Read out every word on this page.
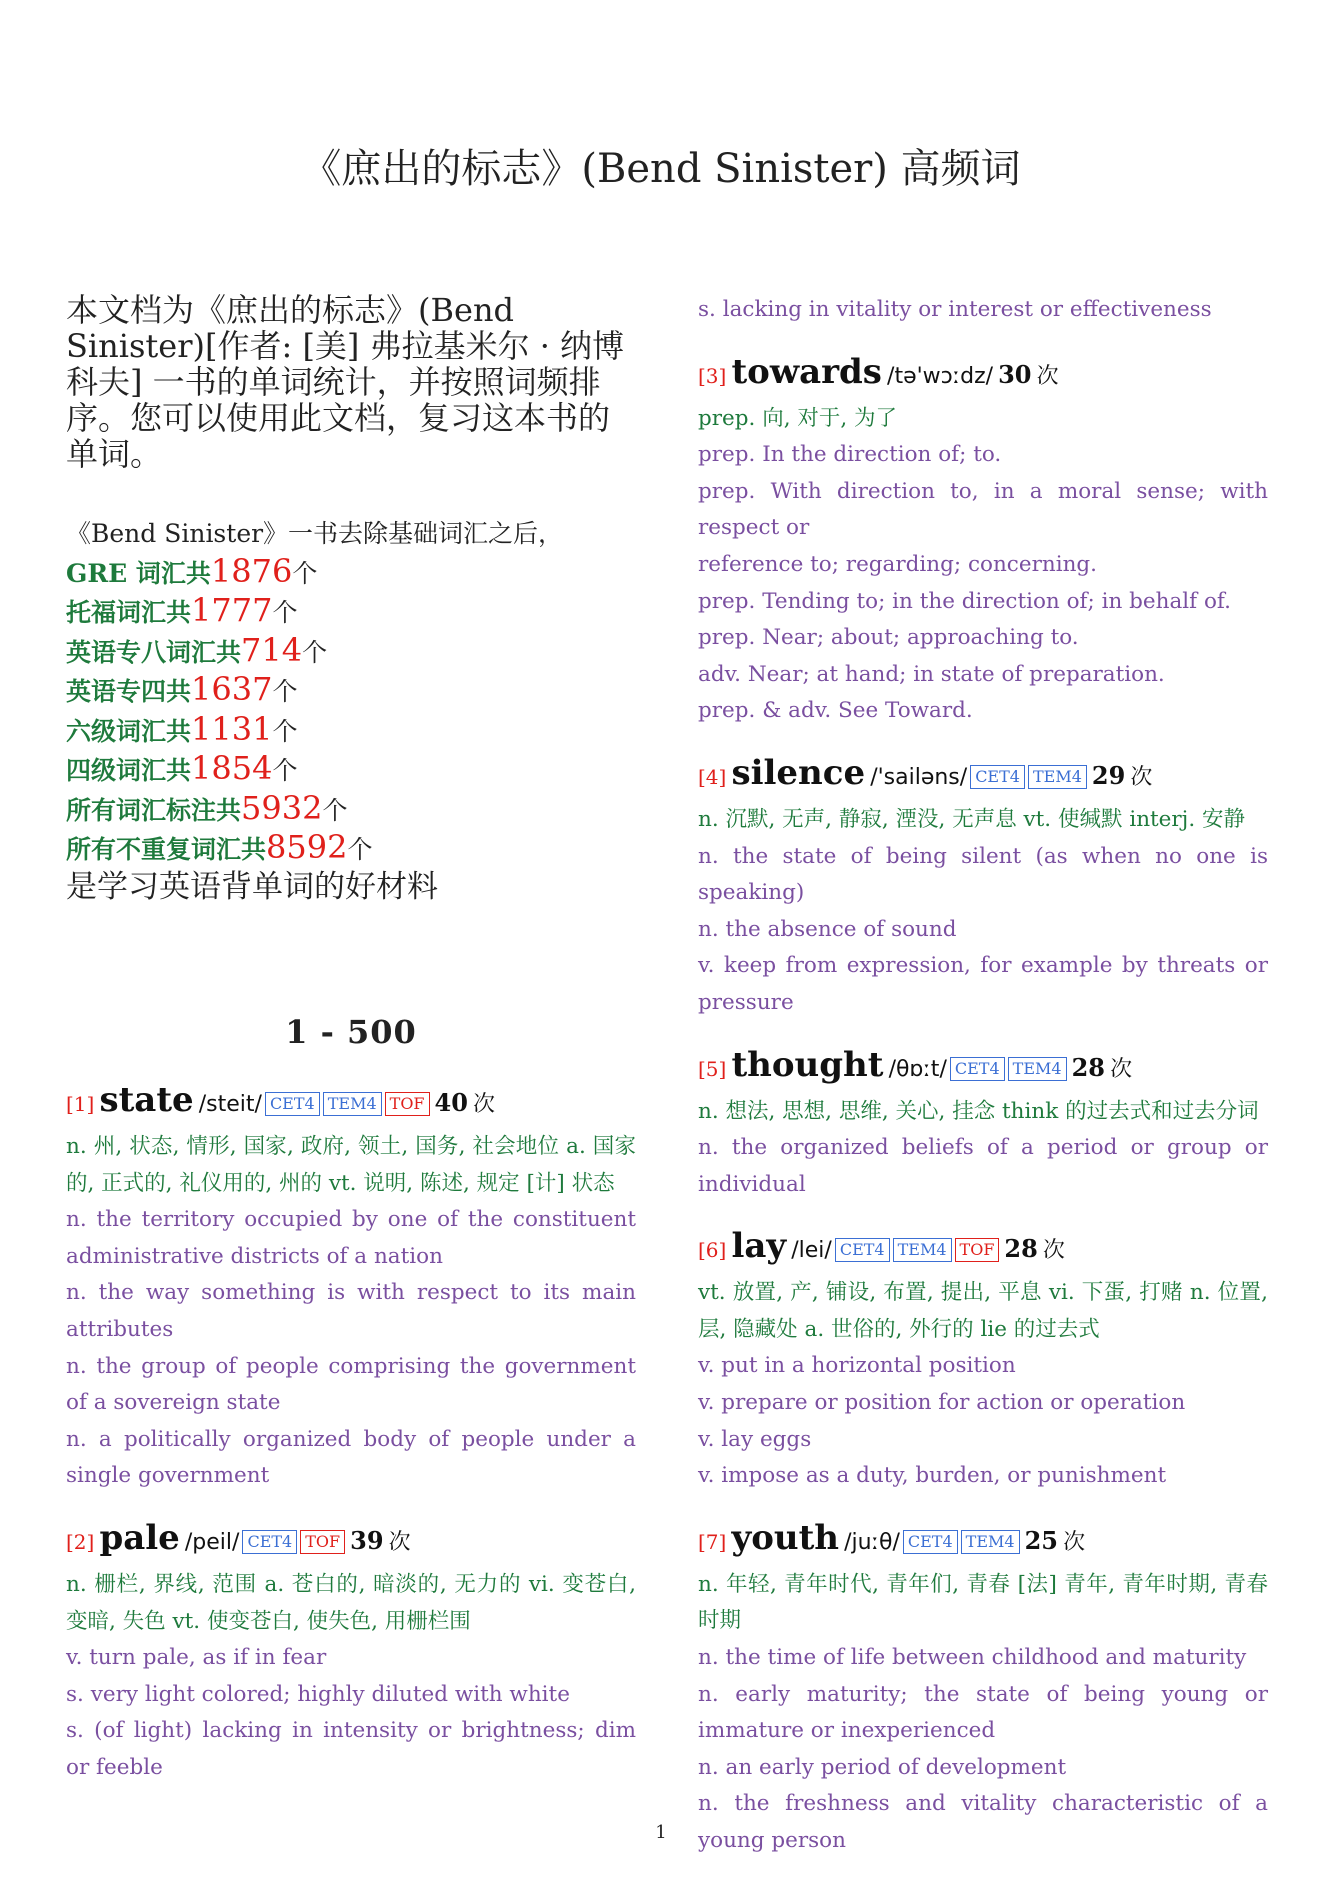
《庶出的标志》(Bend Sinister) 高频词
本文档为《庶出的标志》(Bend Sinister)[作者: [美] 弗拉基米尔 · 纳博科夫] 一书的单词统计，并按照词频排序。您可以使用此文档，复习这本书的单词。
《Bend Sinister》一书去除基础词汇之后，
GRE 词汇共1876个
托福词汇共1777个
英语专八词汇共714个
英语专四共1637个
六级词汇共1131个
四级词汇共1854个
所有词汇标注共5932个
所有不重复词汇共8592个
是学习英语背单词的好材料
1 - 500
[1] state /steit/ CET4 TEM4 TOF 40 次
n. 州, 状态, 情形, 国家, 政府, 领土, 国务, 社会地位 a. 国家的, 正式的, 礼仪用的, 州的 vt. 说明, 陈述, 规定 [计] 状态
n. the territory occupied by one of the constituent administrative districts of a nation
n. the way something is with respect to its main attributes
n. the group of people comprising the government of a sovereign state
n. a politically organized body of people under a single government
[2] pale /peil/ CET4 TOF 39 次
n. 栅栏, 界线, 范围 a. 苍白的, 暗淡的, 无力的 vi. 变苍白, 变暗, 失色 vt. 使变苍白, 使失色, 用栅栏围
v. turn pale, as if in fear
s. very light colored; highly diluted with white
s. (of light) lacking in intensity or brightness; dim or feeble
s. lacking in vitality or interest or effectiveness
[3] towards /tə'wɔːdz/ 30 次
prep. 向, 对于, 为了
prep. In the direction of; to.
prep. With direction to, in a moral sense; with respect or
reference to; regarding; concerning.
prep. Tending to; in the direction of; in behalf of.
prep. Near; about; approaching to.
adv. Near; at hand; in state of preparation.
prep. & adv. See Toward.
[4] silence /'sailəns/ CET4 TEM4 29 次
n. 沉默, 无声, 静寂, 湮没, 无声息 vt. 使缄默 interj. 安静
n. the state of being silent (as when no one is speaking)
n. the absence of sound
v. keep from expression, for example by threats or pressure
[5] thought /θɒːt/ CET4 TEM4 28 次
n. 想法, 思想, 思维, 关心, 挂念 think 的过去式和过去分词
n. the organized beliefs of a period or group or individual
[6] lay /lei/ CET4 TEM4 TOF 28 次
vt. 放置, 产, 铺设, 布置, 提出, 平息 vi. 下蛋, 打赌 n. 位置, 层, 隐藏处 a. 世俗的, 外行的 lie 的过去式
v. put in a horizontal position
v. prepare or position for action or operation
v. lay eggs
v. impose as a duty, burden, or punishment
[7] youth /juːθ/ CET4 TEM4 25 次
n. 年轻, 青年时代, 青年们, 青春 [法] 青年, 青年时期, 青春时期
n. the time of life between childhood and maturity
n. early maturity; the state of being young or immature or inexperienced
n. an early period of development
n. the freshness and vitality characteristic of a young person
1
